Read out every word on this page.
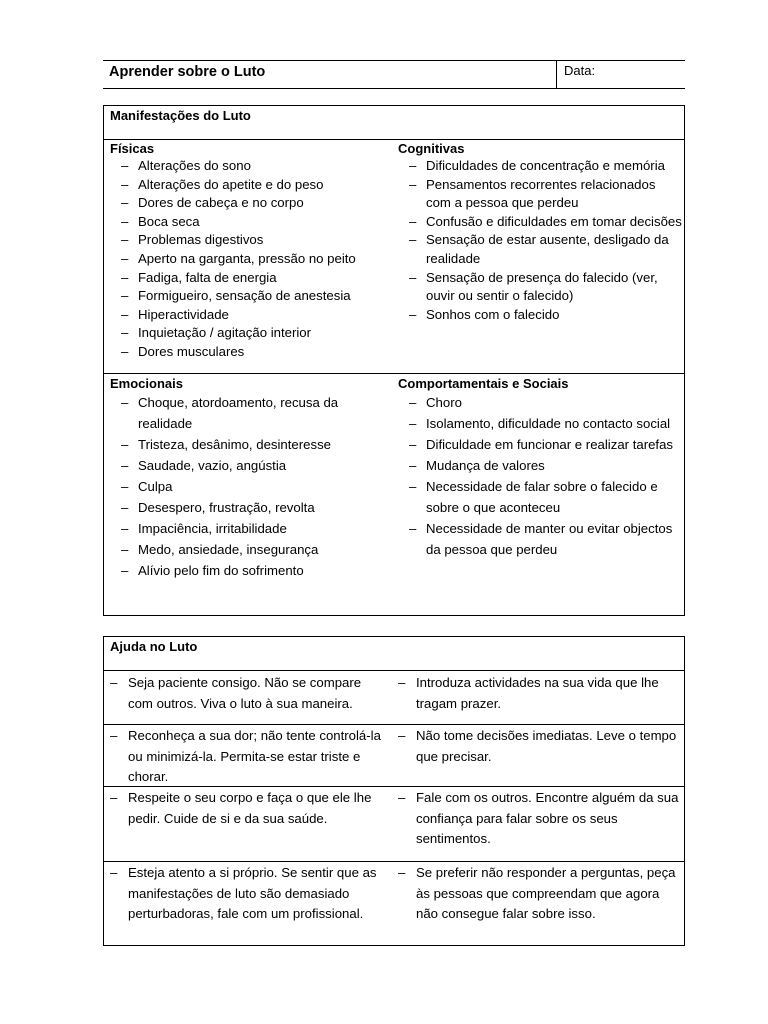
Aprender sobre o Luto	Data:
Manifestações do Luto
Físicas
– Alterações do sono
– Alterações do apetite e do peso
– Dores de cabeça e no corpo
– Boca seca
– Problemas digestivos
– Aperto na garganta, pressão no peito
– Fadiga, falta de energia
– Formigueiro, sensação de anestesia
– Hiperactividade
– Inquietação / agitação interior
– Dores musculares
Cognitivas
– Dificuldades de concentração e memória
– Pensamentos recorrentes relacionados com a pessoa que perdeu
– Confusão e dificuldades em tomar decisões
– Sensação de estar ausente, desligado da realidade
– Sensação de presença do falecido (ver, ouvir ou sentir o falecido)
– Sonhos com o falecido
Emocionais
– Choque, atordoamento, recusa da realidade
– Tristeza, desânimo, desinteresse
– Saudade, vazio, angústia
– Culpa
– Desespero, frustração, revolta
– Impaciência, irritabilidade
– Medo, ansiedade, insegurança
– Alívio pelo fim do sofrimento
Comportamentais e Sociais
– Choro
– Isolamento, dificuldade no contacto social
– Dificuldade em funcionar e realizar tarefas
– Mudança de valores
– Necessidade de falar sobre o falecido e sobre o que aconteceu
– Necessidade de manter ou evitar objectos da pessoa que perdeu
Ajuda no Luto
– Seja paciente consigo. Não se compare com outros. Viva o luto à sua maneira.
– Introduza actividades na sua vida que lhe tragam prazer.
– Reconheça a sua dor; não tente controlá-la ou minimizá-la. Permita-se estar triste e chorar.
– Não tome decisões imediatas. Leve o tempo que precisar.
– Respeite o seu corpo e faça o que ele lhe pedir. Cuide de si e da sua saúde.
– Fale com os outros. Encontre alguém da sua confiança para falar sobre os seus sentimentos.
– Esteja atento a si próprio. Se sentir que as manifestações de luto são demasiado perturbadoras, fale com um profissional.
– Se preferir não responder a perguntas, peça às pessoas que compreendam que agora não consegue falar sobre isso.
